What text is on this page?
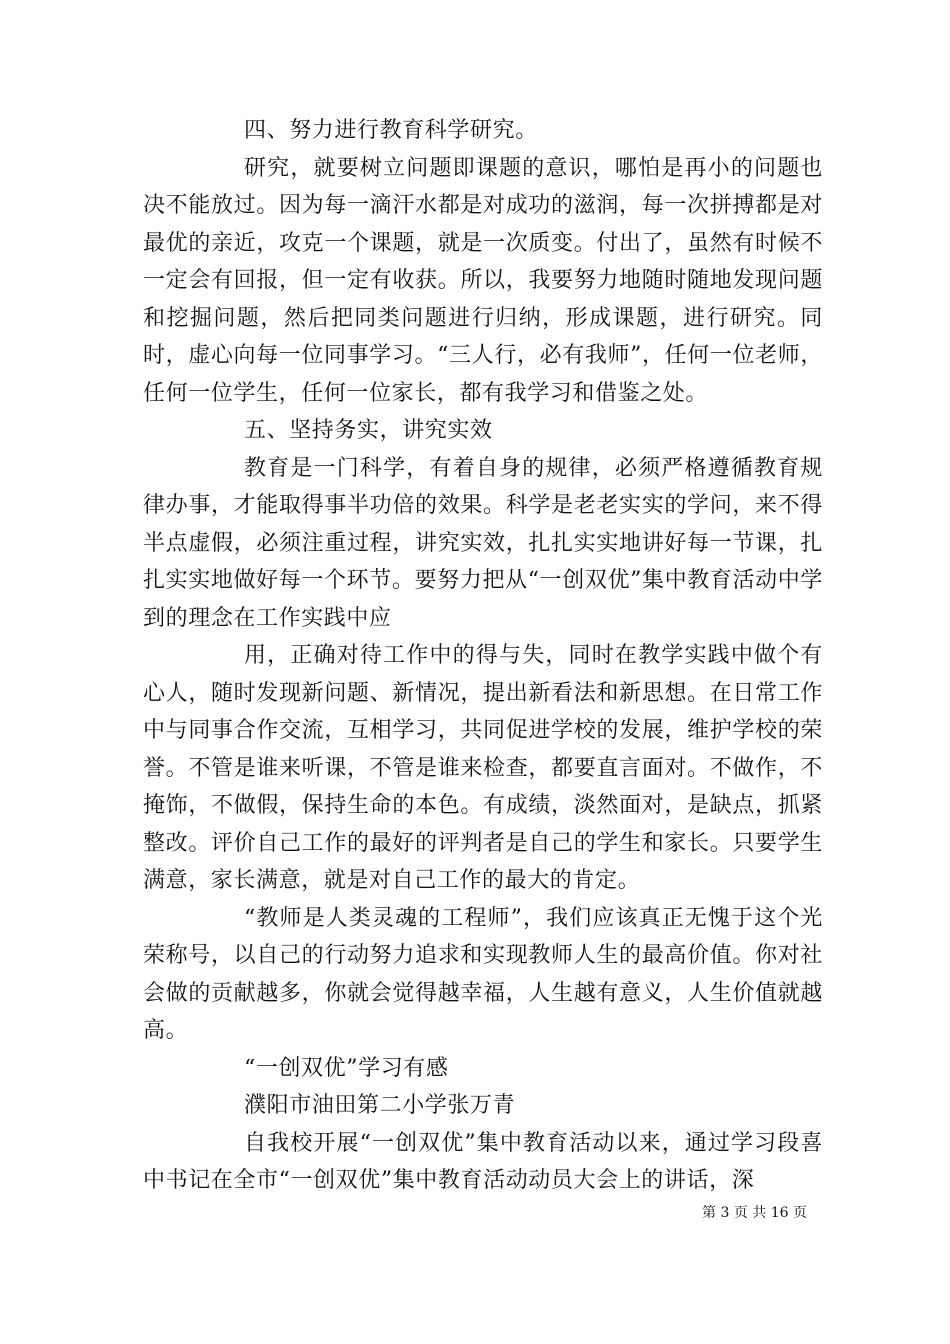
四、努力进行教育科学研究。

研究，就要树立问题即课题的意识，哪怕是再小的问题也决不能放过。因为每一滴汗水都是对成功的滋润，每一次拼搏都是对最优的亲近，攻克一个课题，就是一次质变。付出了，虽然有时候不一定会有回报，但一定有收获。所以，我要努力地随时随地发现问题和挖掘问题，然后把同类问题进行归纳，形成课题，进行研究。同时，虚心向每一位同事学习。“三人行，必有我师”，任何一位老师，任何一位学生，任何一位家长，都有我学习和借鉴之处。

五、坚持务实，讲究实效

教育是一门科学，有着自身的规律，必须严格遵循教育规律办事，才能取得事半功倍的效果。科学是老老实实的学问，来不得半点虚假，必须注重过程，讲究实效，扎扎实实地讲好每一节课，扎扎实实地做好每一个环节。要努力把从“一创双优”集中教育活动中学到的理念在工作实践中应

用，正确对待工作中的得与失，同时在教学实践中做个有心人，随时发现新问题、新情况，提出新看法和新思想。在日常工作中与同事合作交流，互相学习，共同促进学校的发展，维护学校的荣誉。不管是谁来听课，不管是谁来检查，都要直言面对。不做作，不掩饰，不做假，保持生命的本色。有成绩，淡然面对，是缺点，抓紧整改。评价自己工作的最好的评判者是自己的学生和家长。只要学生满意，家长满意，就是对自己工作的最大的肯定。

“教师是人类灵魂的工程师”，我们应该真正无愧于这个光荣称号，以自己的行动努力追求和实现教师人生的最高价值。你对社会做的贡献越多，你就会觉得越幸福，人生越有意义，人生价值就越高。

“一创双优”学习有感

濮阳市油田第二小学张万青

自我校开展“一创双优”集中教育活动以来，通过学习段喜中书记在全市“一创双优”集中教育活动动员大会上的讲话，深

第 3 页 共 16 页
